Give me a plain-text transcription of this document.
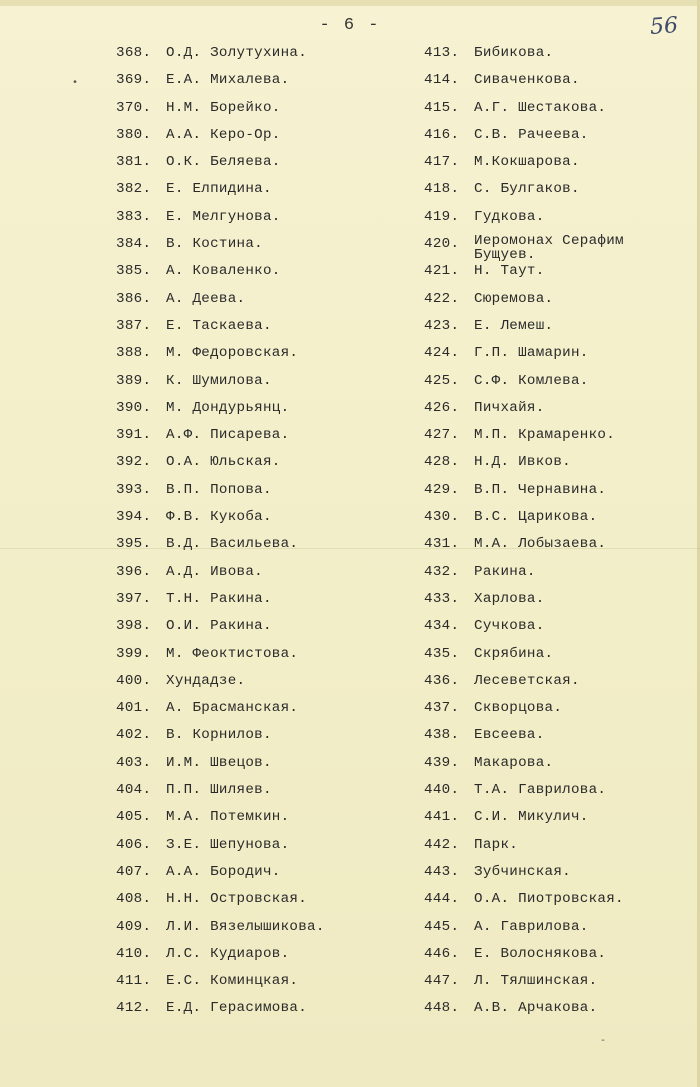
- 6 -	56
368.	О.Д. Золутухина.
369.	Е.А. Михалева.
370.	Н.М. Борейко.
380.	А.А. Керо-Ор.
381.	О.К. Беляева.
382.	Е. Елпидина.
383.	Е. Мелгунова.
384.	В. Костина.
385.	А. Коваленко.
386.	А. Деева.
387.	Е. Таскаева.
388.	М. Федоровская.
389.	К. Шумилова.
390.	М. Дондурьянц.
391.	А.Ф. Писарева.
392.	О.А. Юльская.
393.	В.П. Попова.
394.	Ф.В. Кукоба.
395.	В.Д. Васильева.
396.	А.Д. Ивова.
397.	Т.Н. Ракина.
398.	О.И. Ракина.
399.	М. Феоктистова.
400.	Хундадзе.
401.	А. Брасманская.
402.	В. Корнилов.
403.	И.М. Швецов.
404.	П.П. Шиляев.
405.	М.А. Потемкин.
406.	З.Е. Шепунова.
407.	А.А. Бородич.
408.	Н.Н. Островская.
409.	Л.И. Вязелышикова.
410.	Л.С. Кудиаров.
411.	Е.С. Коминцкая.
412.	Е.Д. Герасимова.
413.	Бибикова.
414.	Сиваченкова.
415.	А.Г. Шестакова.
416.	С.В. Рачеева.
417.	М.Кокшарова.
418.	С. Булгаков.
419.	Гудкова.
420.	Иеромонах Серафим
Бущуев.
421.	Н. Таут.
422.	Сюремова.
423.	Е. Лемеш.
424.	Г.П. Шамарин.
425.	С.Ф. Комлева.
426.	Пичхайя.
427.	М.П. Крамаренко.
428.	Н.Д. Ивков.
429.	В.П. Чернавина.
430.	В.С. Царикова.
431.	М.А. Лобызаева.
432.	Ракина.
433.	Харлова.
434.	Сучкова.
435.	Скрябина.
436.	Лесеветская.
437.	Скворцова.
438.	Евсеева.
439.	Макарова.
440.	Т.А. Гаврилова.
441.	С.И. Микулич.
442.	Парк.
443.	Зубчинская.
444.	О.А. Пиотровская.
445.	А. Гаврилова.
446.	Е. Волоснякова.
447.	Л. Тялшинская.
448.	А.В. Арчакова.
•
-
